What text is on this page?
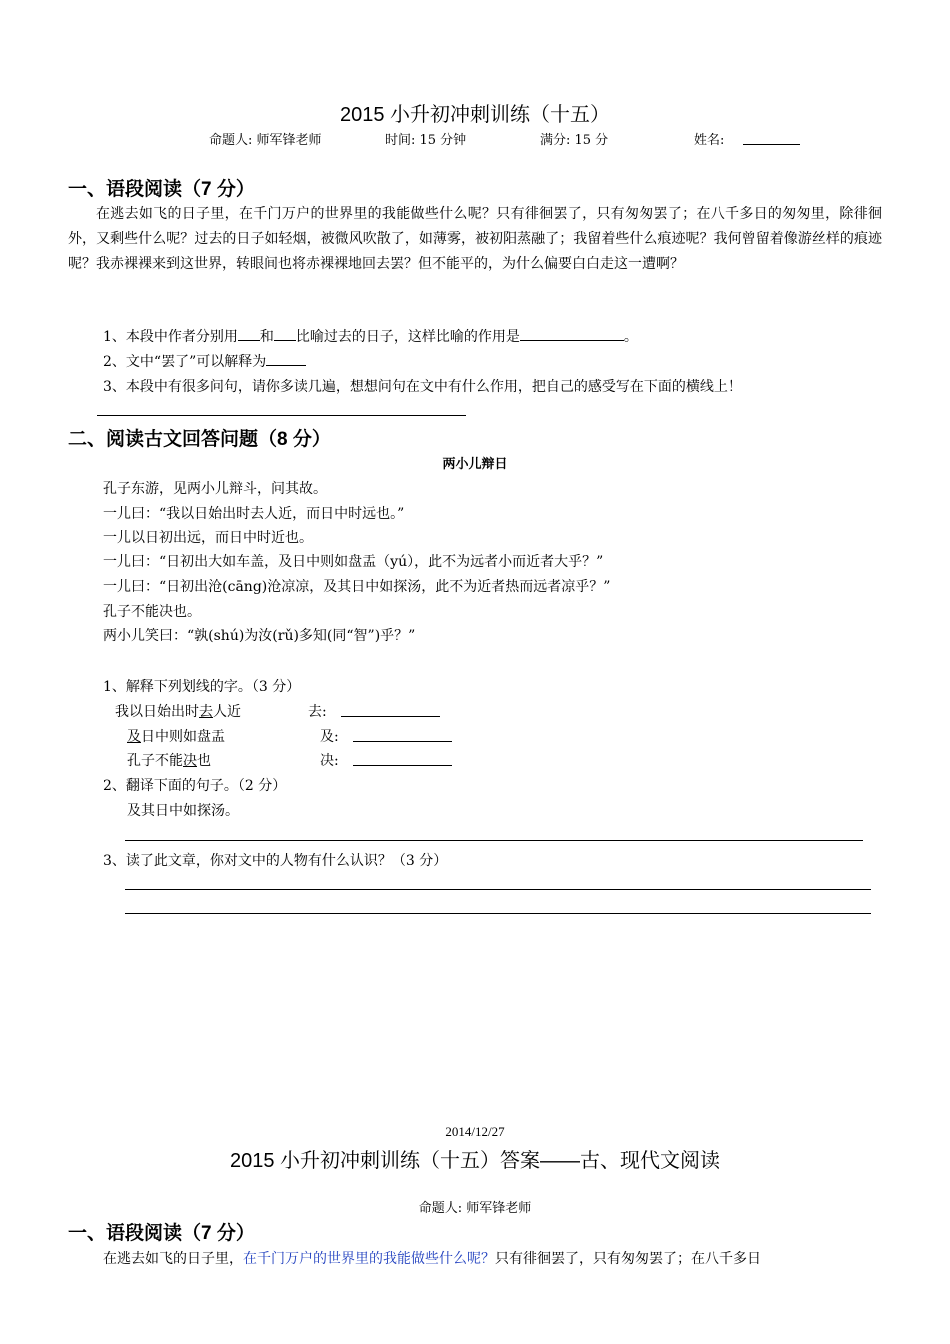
2015 小升初冲刺训练（十五）
命题人: 师军锋老师	时间: 15 分钟	满分: 15 分	姓名:
一、语段阅读（7 分）
在逃去如飞的日子里，在千门万户的世界里的我能做些什么呢？只有徘徊罢了，只有匆匆罢了；在八千多日的匆匆里，除徘徊外，又剩些什么呢？过去的日子如轻烟，被微风吹散了，如薄雾，被初阳蒸融了；我留着些什么痕迹呢？我何曾留着像游丝样的痕迹呢？我赤裸裸来到这世界，转眼间也将赤裸裸地回去罢？但不能平的，为什么偏要白白走这一遭啊？
1、本段中作者分别用 和 比喻过去的日子，这样比喻的作用是	。
2、文中“罢了”可以解释为
3、本段中有很多问句，请你多读几遍，想想问句在文中有什么作用，把自己的感受写在下面的横线上！
二、阅读古文回答问题（8 分）
两小儿辩日
孔子东游，见两小儿辩斗，问其故。
一儿曰：“我以日始出时去人近，而日中时远也。”
一儿以日初出远，而日中时近也。
一儿曰：“日初出大如车盖，及日中则如盘盂（yú），此不为远者小而近者大乎？”
一儿曰：“日初出沧(cāng)沧凉凉，及其日中如探汤，此不为近者热而远者凉乎？”
孔子不能决也。
两小儿笑曰：“孰(shú)为汝(rǔ)多知(同“智”)乎？”
1、解释下列划线的字。（3 分）
我以日始出时去人近	去:
及日中则如盘盂	及:
孔子不能决也	决:
2、翻译下面的句子。（2 分）
及其日中如探汤。
3、读了此文章，你对文中的人物有什么认识？（3 分）
2014/12/27
2015 小升初冲刺训练（十五）答案——古、现代文阅读
命题人: 师军锋老师
一、语段阅读（7 分）
在逃去如飞的日子里，在千门万户的世界里的我能做些什么呢？只有徘徊罢了，只有匆匆罢了；在八千多日
